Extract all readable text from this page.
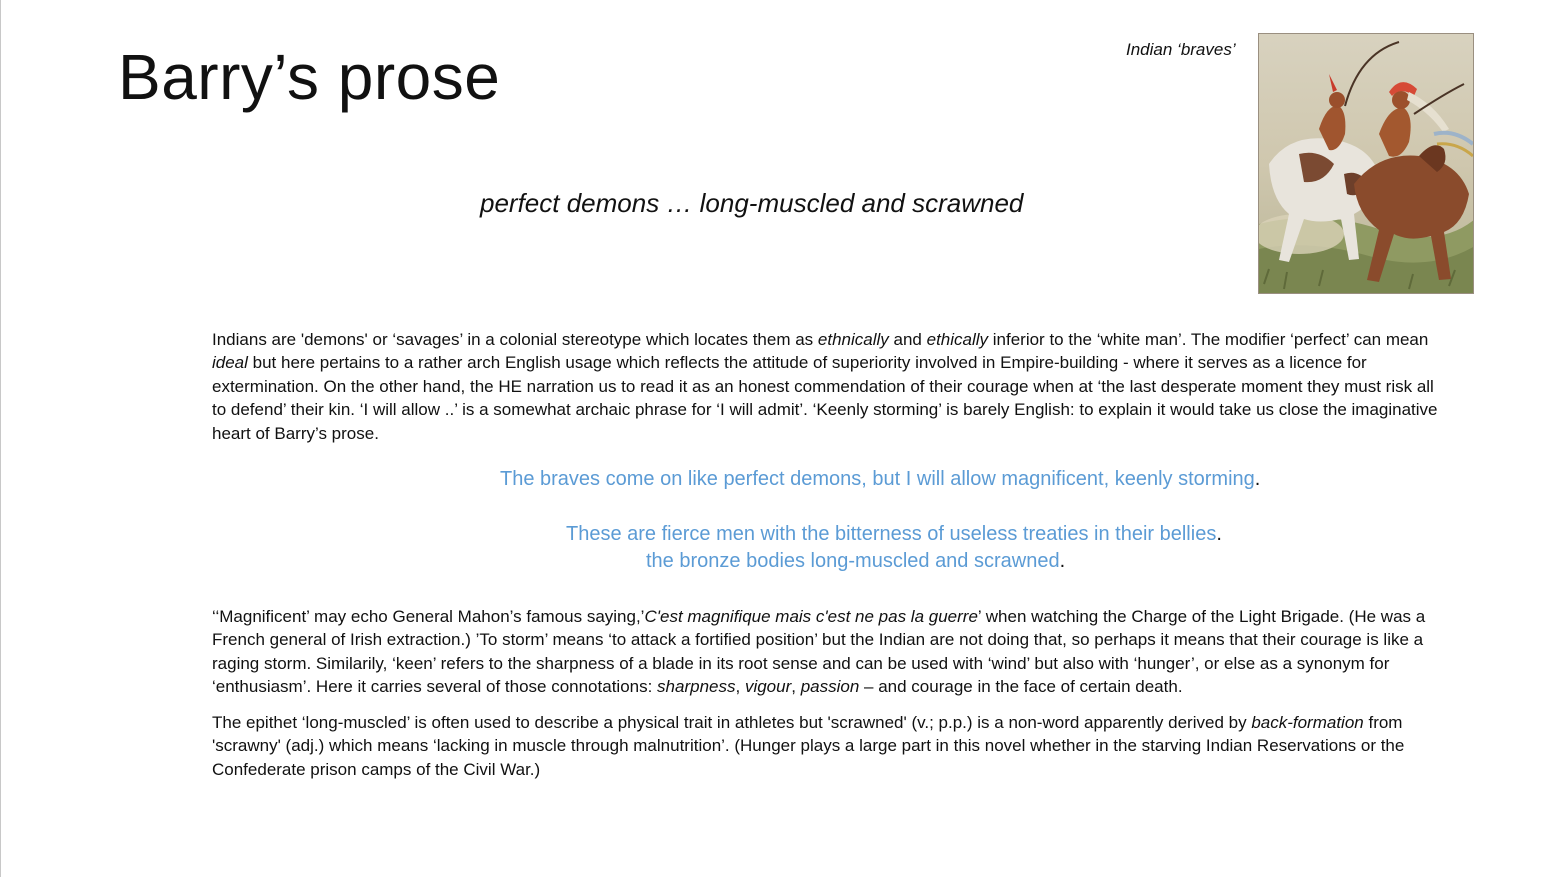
Barry’s prose
perfect demons … long-muscled and scrawned
Indian ‘braves’

Indians are 'demons' or ‘savages’ in a colonial stereotype which locates them as ethnically and ethically inferior to the ‘white man’. The modifier ‘perfect’ can mean ideal but here pertains to a rather arch English usage which reflects the attitude of superiority involved in Empire-building - where it serves as a licence for extermination. On the other hand, the HE narration us to read it as an honest commendation of their courage when at ‘the last desperate moment they must risk all to defend’ their kin. ‘I will allow ..’ is a somewhat archaic phrase for ‘I will admit’. ‘Keenly storming’ is barely English: to explain it would take us close the imaginative heart of Barry’s prose.

The braves come on like perfect demons, but I will allow magnificent, keenly storming.
These are fierce men with the bitterness of useless treaties in their bellies.
the bronze bodies long-muscled and scrawned.

‘‘Magnificent’ may echo General Mahon’s famous saying,’C'est magnifique mais c'est ne pas la guerre’ when watching the Charge of the Light Brigade. (He was a French general of Irish extraction.) ’To storm’ means ‘to attack a fortified position’ but the Indian are not doing that, so perhaps it means that their courage is like a raging storm. Similarily, ‘keen’ refers to the sharpness of a blade in its root sense and can be used with ‘wind’ but also with ‘hunger’, or else as a synonym for ‘enthusiasm’. Here it carries several of those connotations: sharpness, vigour, passion – and courage in the face of certain death.

The epithet ‘long-muscled’ is often used to describe a physical trait in athletes but 'scrawned' (v.; p.p.) is a non-word apparently derived by back-formation from 'scrawny' (adj.) which means ‘lacking in muscle through malnutrition’. (Hunger plays a large part in this novel whether in the starving Indian Reservations or the Confederate prison camps of the Civil War.)
